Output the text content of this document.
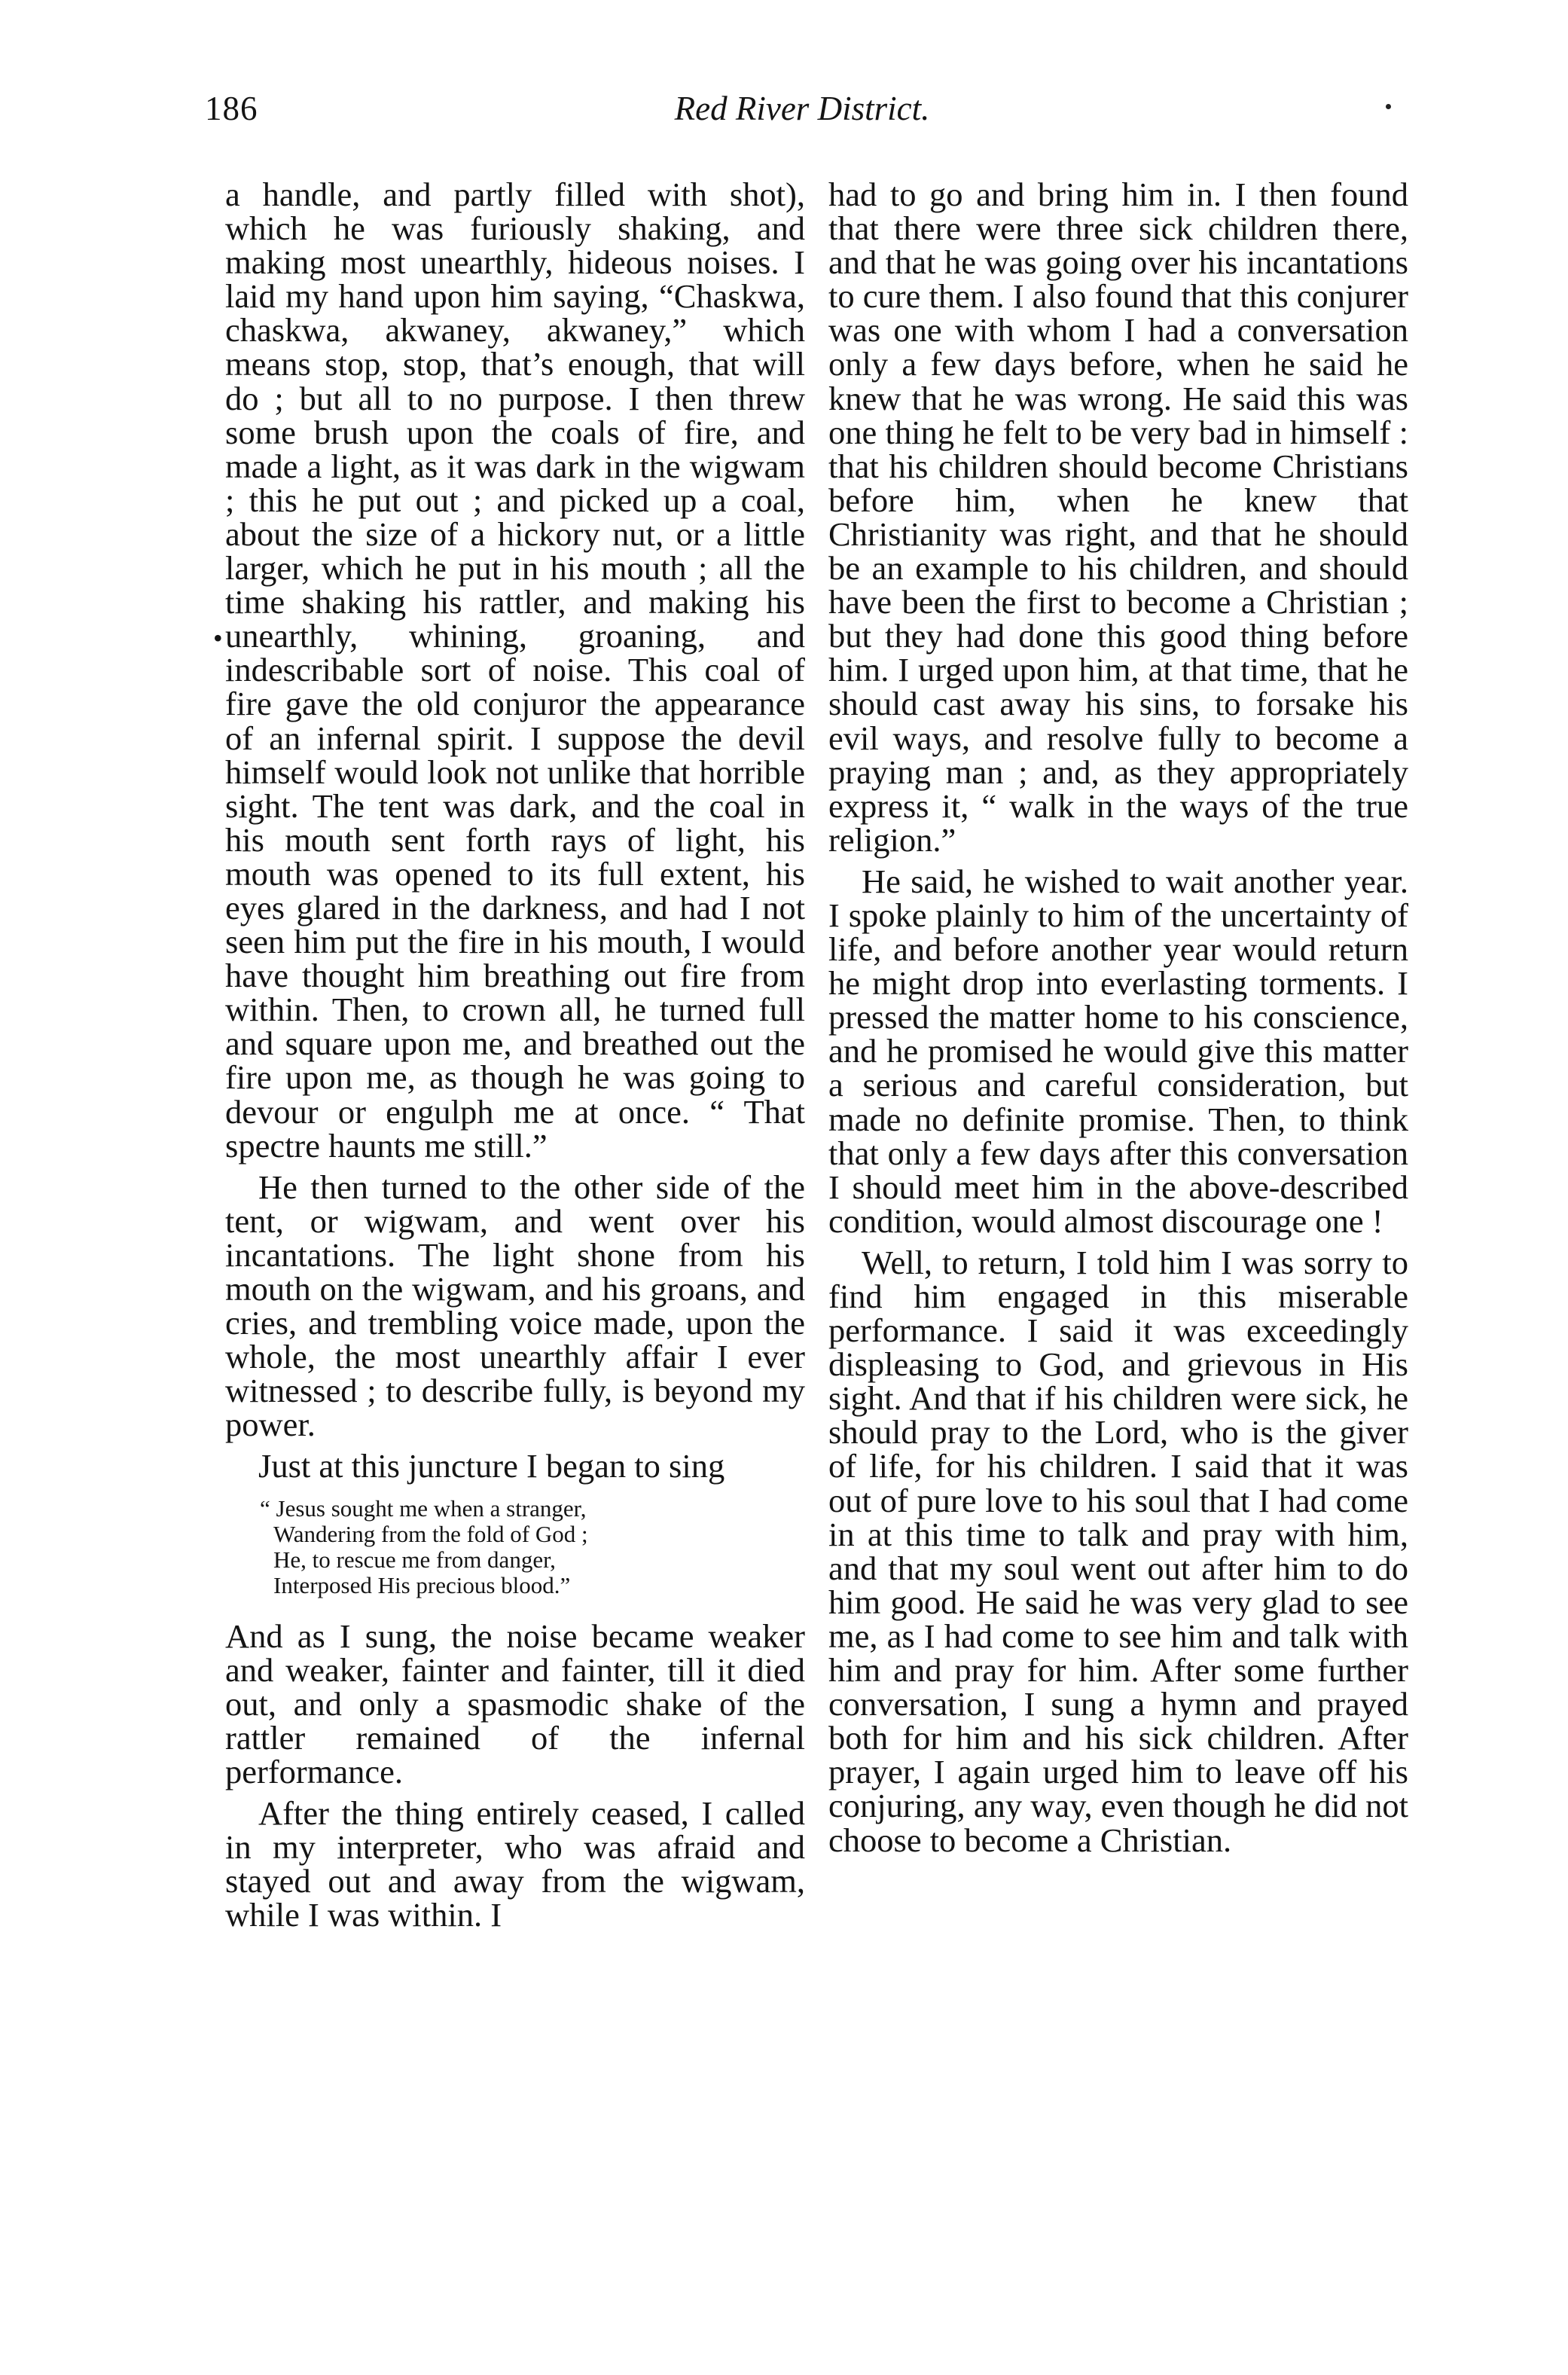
186	Red River District.
•

a handle, and partly filled with shot), which he was furiously shaking, and making most unearthly, hideous noises. I laid my hand upon him saying, “Chaskwa, chaskwa, akwaney, akwaney,” which means stop, stop, that’s enough, that will do ; but all to no purpose. I then threw some brush upon the coals of fire, and made a light, as it was dark in the wigwam ; this he put out ; and picked up a coal, about the size of a hickory nut, or a little larger, which he put in his mouth ; all the time shaking his rattler, and making his unearthly, whining, groaning, and indescribable sort of noise. This coal of fire gave the old conjuror the appearance of an infernal spirit. I suppose the devil himself would look not unlike that horrible sight. The tent was dark, and the coal in his mouth sent forth rays of light, his mouth was opened to its full extent, his eyes glared in the darkness, and had I not seen him put the fire in his mouth, I would have thought him breathing out fire from within. Then, to crown all, he turned full and square upon me, and breathed out the fire upon me, as though he was going to devour or engulph me at once. “ That spectre haunts me still.”

He then turned to the other side of the tent, or wigwam, and went over his incantations. The light shone from his mouth on the wigwam, and his groans, and cries, and trembling voice made, upon the whole, the most unearthly affair I ever witnessed ; to describe fully, is beyond my power.

Just at this juncture I began to sing

“ Jesus sought me when a stranger,
Wandering from the fold of God ;
He, to rescue me from danger,
Interposed His precious blood.”

And as I sung, the noise became weaker and weaker, fainter and fainter, till it died out, and only a spasmodic shake of the rattler remained of the infernal performance.

After the thing entirely ceased, I called in my interpreter, who was afraid and stayed out and away from the wigwam, while I was within. I

had to go and bring him in. I then found that there were three sick children there, and that he was going over his incantations to cure them. I also found that this conjurer was one with whom I had a conversation only a few days before, when he said he knew that he was wrong. He said this was one thing he felt to be very bad in himself : that his children should become Christians before him, when he knew that Christianity was right, and that he should be an example to his children, and should have been the first to become a Christian ; but they had done this good thing before him. I urged upon him, at that time, that he should cast away his sins, to forsake his evil ways, and resolve fully to become a praying man ; and, as they appropriately express it, “ walk in the ways of the true religion.”

He said, he wished to wait another year. I spoke plainly to him of the uncertainty of life, and before another year would return he might drop into everlasting torments. I pressed the matter home to his conscience, and he promised he would give this matter a serious and careful consideration, but made no definite promise. Then, to think that only a few days after this conversation I should meet him in the above-described condition, would almost discourage one !

Well, to return, I told him I was sorry to find him engaged in this miserable performance. I said it was exceedingly displeasing to God, and grievous in His sight. And that if his children were sick, he should pray to the Lord, who is the giver of life, for his children. I said that it was out of pure love to his soul that I had come in at this time to talk and pray with him, and that my soul went out after him to do him good. He said he was very glad to see me, as I had come to see him and talk with him and pray for him. After some further conversation, I sung a hymn and prayed both for him and his sick children. After prayer, I again urged him to leave off his conjuring, any way, even though he did not choose to become a Christian.
